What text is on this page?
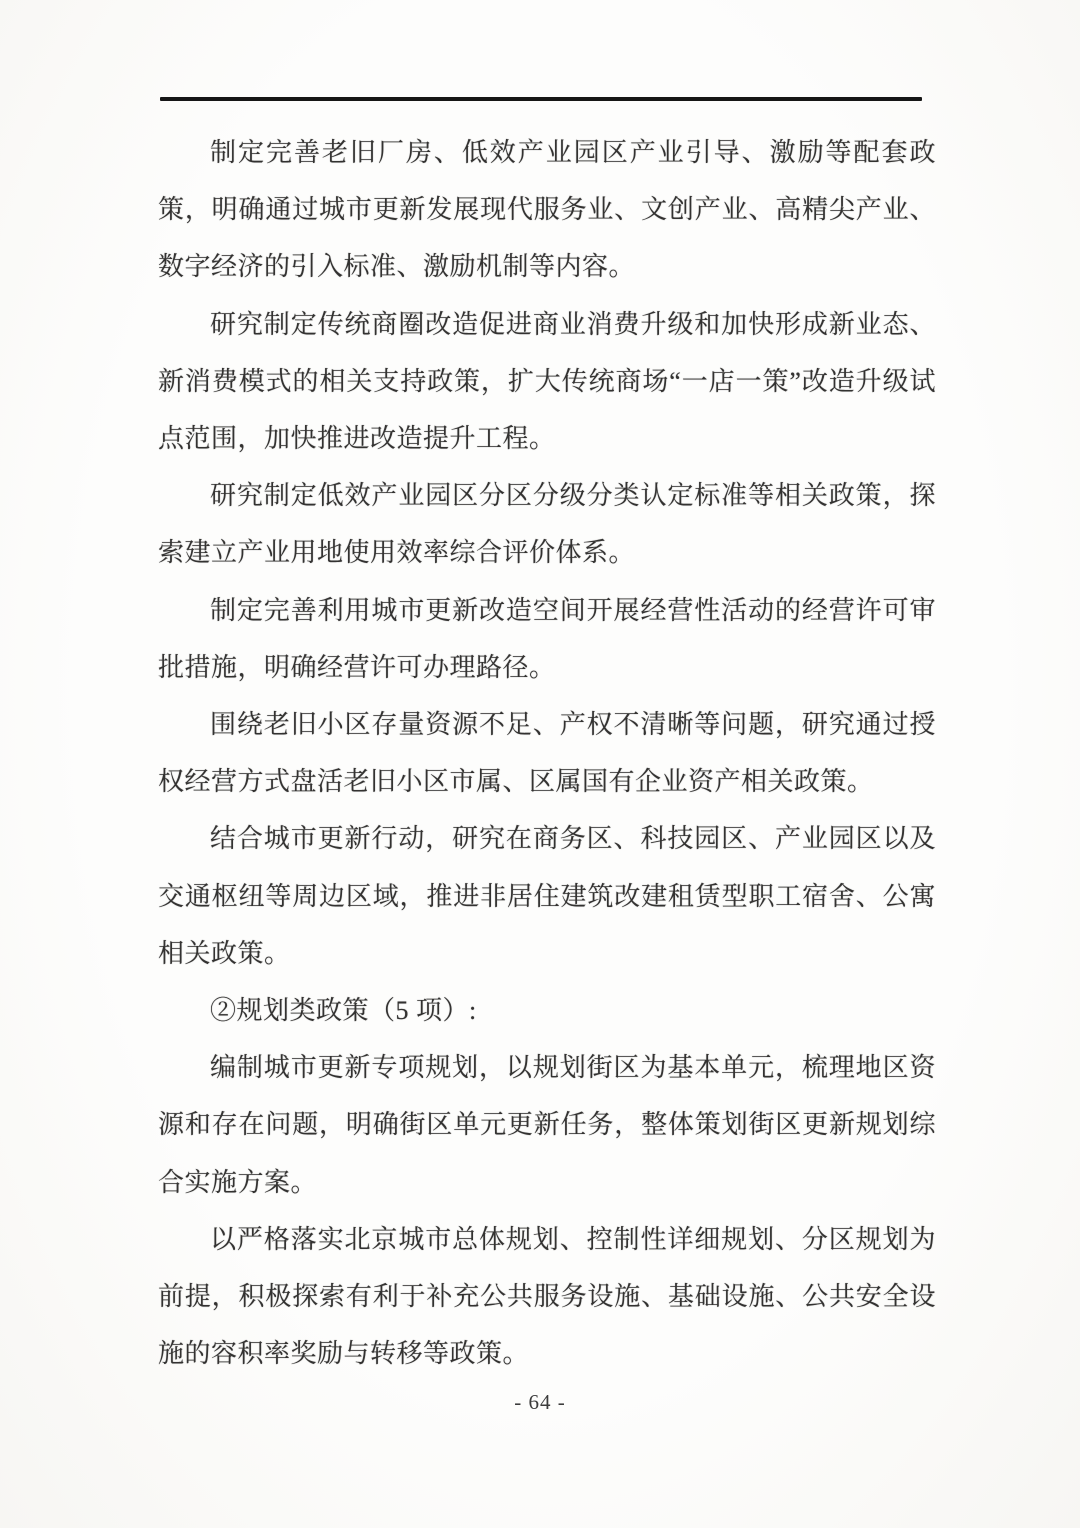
制定完善老旧厂房、低效产业园区产业引导、激励等配套政策，明确通过城市更新发展现代服务业、文创产业、高精尖产业、数字经济的引入标准、激励机制等内容。

研究制定传统商圈改造促进商业消费升级和加快形成新业态、新消费模式的相关支持政策，扩大传统商场“一店一策”改造升级试点范围，加快推进改造提升工程。

研究制定低效产业园区分区分级分类认定标准等相关政策，探索建立产业用地使用效率综合评价体系。

制定完善利用城市更新改造空间开展经营性活动的经营许可审批措施，明确经营许可办理路径。

围绕老旧小区存量资源不足、产权不清晰等问题，研究通过授权经营方式盘活老旧小区市属、区属国有企业资产相关政策。

结合城市更新行动，研究在商务区、科技园区、产业园区以及交通枢纽等周边区域，推进非居住建筑改建租赁型职工宿舍、公寓相关政策。

②规划类政策（5 项）:

编制城市更新专项规划，以规划街区为基本单元，梳理地区资源和存在问题，明确街区单元更新任务，整体策划街区更新规划综合实施方案。

以严格落实北京城市总体规划、控制性详细规划、分区规划为前提，积极探索有利于补充公共服务设施、基础设施、公共安全设施的容积率奖励与转移等政策。

- 64 -
